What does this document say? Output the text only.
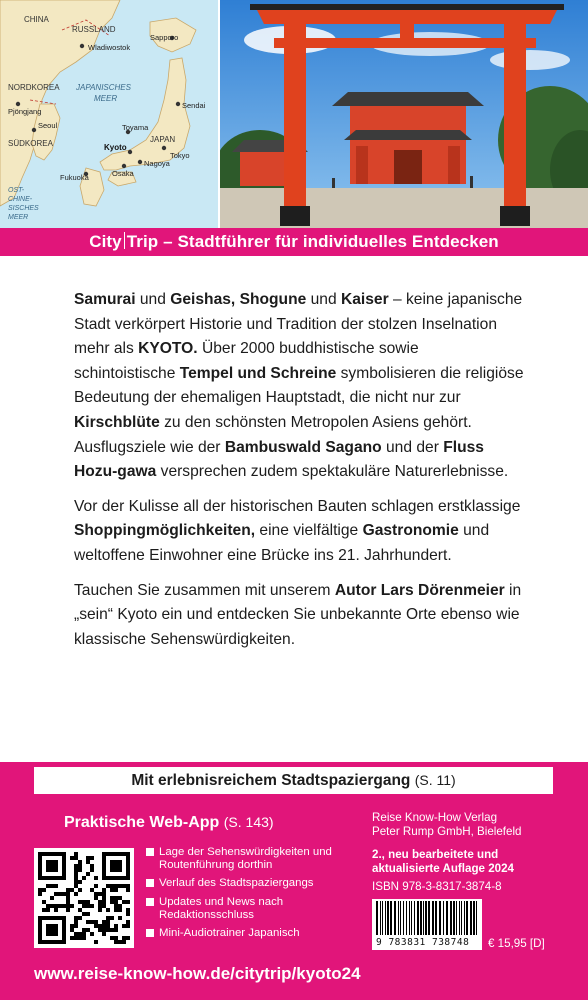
CHINA
RUSSLAND
Wladiwostok
Sapporo
NORDKOREA
Pjöngjang
JAPANISCHES
MEER
Sendai
Seoul
SÜDKOREA
Toyama
JAPAN
Kyoto
Tokyo
Nagoya
Fukuoka	Osaka
OST-
CHINE-
SISCHES
MEER
City Trip – Stadtführer für individuelles Entdecken

Samurai und Geishas, Shogune und Kaiser – keine japanische Stadt verkörpert Historie und Tradition der stolzen Inselnation mehr als KYOTO. Über 2000 buddhistische sowie schintoistische Tempel und Schreine symbolisieren die religiöse Bedeutung der ehemaligen Hauptstadt, die nicht nur zur Kirschblüte zu den schönsten Metropolen Asiens gehört. Ausflugsziele wie der Bambuswald Sagano und der Fluss Hozu-gawa versprechen zudem spektakuläre Naturerlebnisse.

Vor der Kulisse all der historischen Bauten schlagen erstklassige Shoppingmöglichkeiten, eine vielfältige Gastronomie und weltoffene Einwohner eine Brücke ins 21. Jahrhundert.

Tauchen Sie zusammen mit unserem Autor Lars Dörenmeier in „sein“ Kyoto ein und entdecken Sie unbekannte Orte ebenso wie klassische Sehenswürdigkeiten.

Mit erlebnisreichem Stadtspaziergang (S. 11)
Praktische Web-App (S. 143)
Lage der Sehenswürdigkeiten und Routenführung dorthin
Verlauf des Stadtspaziergangs
Updates und News nach Redaktionsschluss
Mini-Audiotrainer Japanisch
Reise Know-How Verlag
Peter Rump GmbH, Bielefeld
2., neu bearbeitete und
aktualisierte Auflage 2024
ISBN 978-3-8317-3874-8
9 783831 738748	€ 15,95 [D]
www.reise-know-how.de/citytrip/kyoto24
